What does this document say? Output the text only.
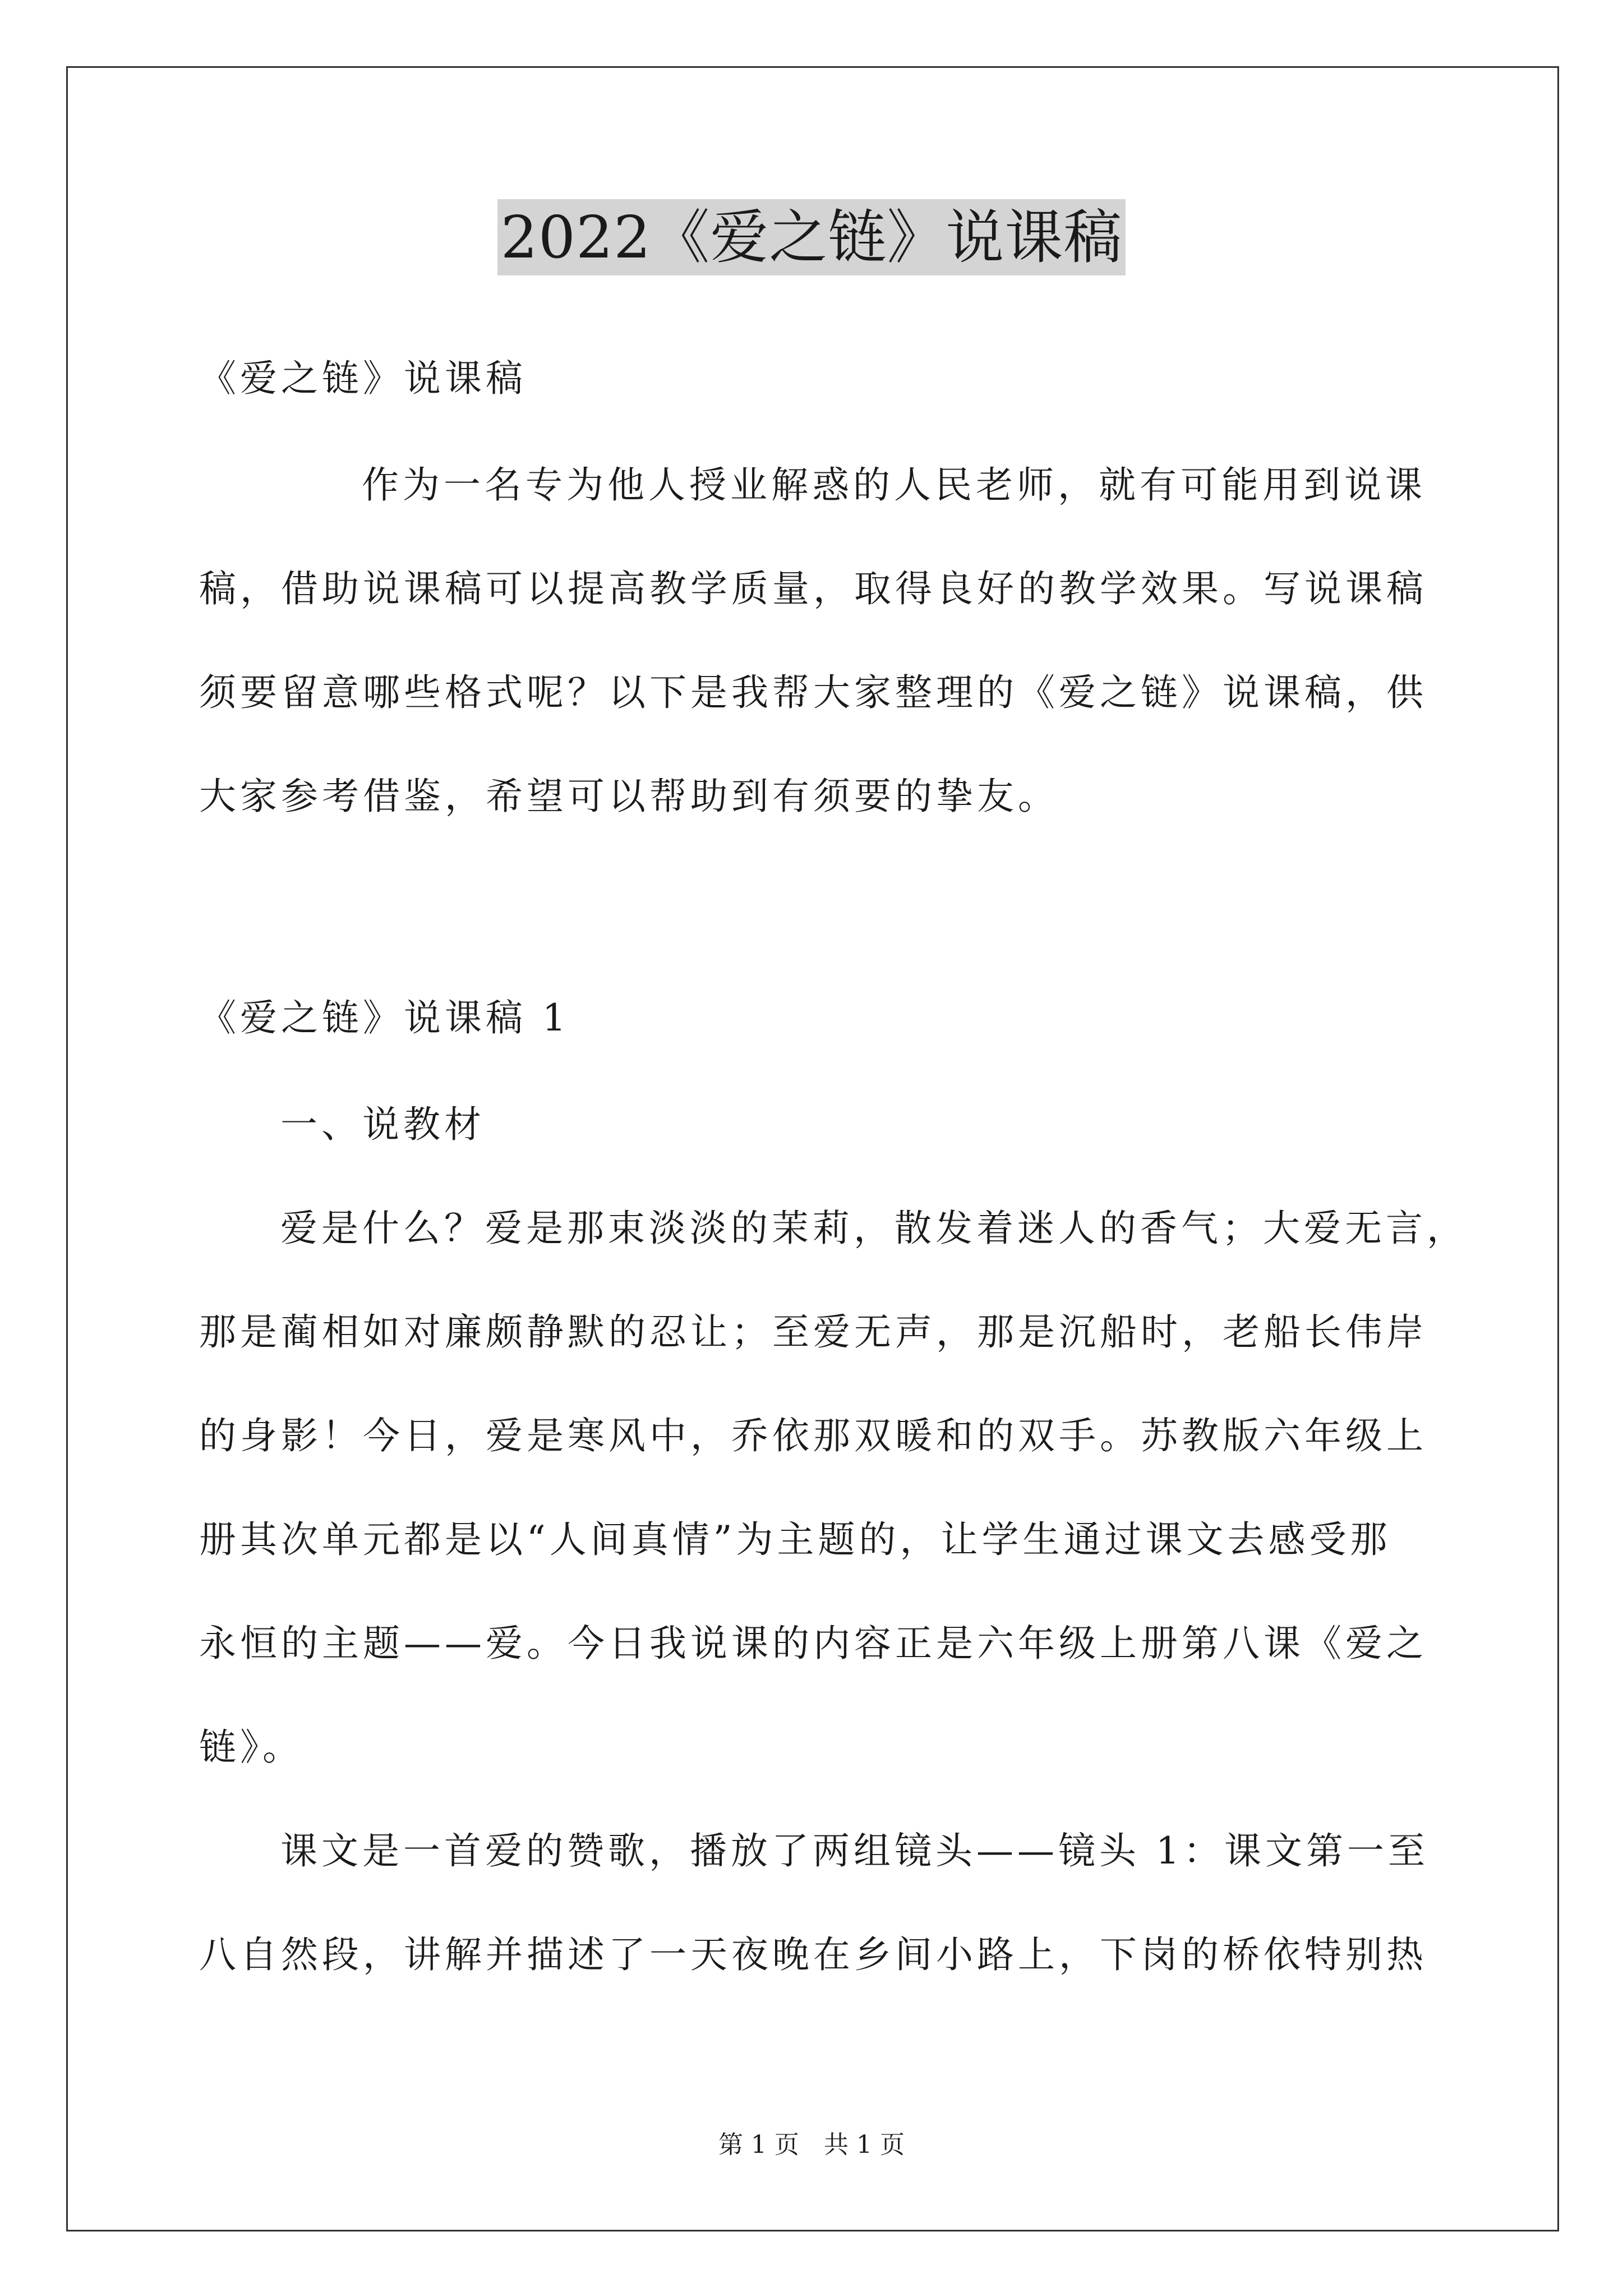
2022《爱之链》说课稿
《爱之链》说课稿
作为一名专为他人授业解惑的人民老师，就有可能用到说课
稿，借助说课稿可以提高教学质量，取得良好的教学效果。写说课稿
须要留意哪些格式呢？以下是我帮大家整理的《爱之链》说课稿，供
大家参考借鉴，希望可以帮助到有须要的挚友。
《爱之链》说课稿 1
一、说教材
爱是什么？爱是那束淡淡的茉莉，散发着迷人的香气；大爱无言，
那是蔺相如对廉颇静默的忍让；至爱无声，那是沉船时，老船长伟岸
的身影！今日，爱是寒风中，乔依那双暖和的双手。苏教版六年级上
册其次单元都是以“人间真情”为主题的，让学生通过课文去感受那
永恒的主题——爱。今日我说课的内容正是六年级上册第八课《爱之
链》。
课文是一首爱的赞歌，播放了两组镜头——镜头 1：课文第一至
八自然段，讲解并描述了一天夜晚在乡间小路上，下岗的桥依特别热
第 1 页　共 1 页
